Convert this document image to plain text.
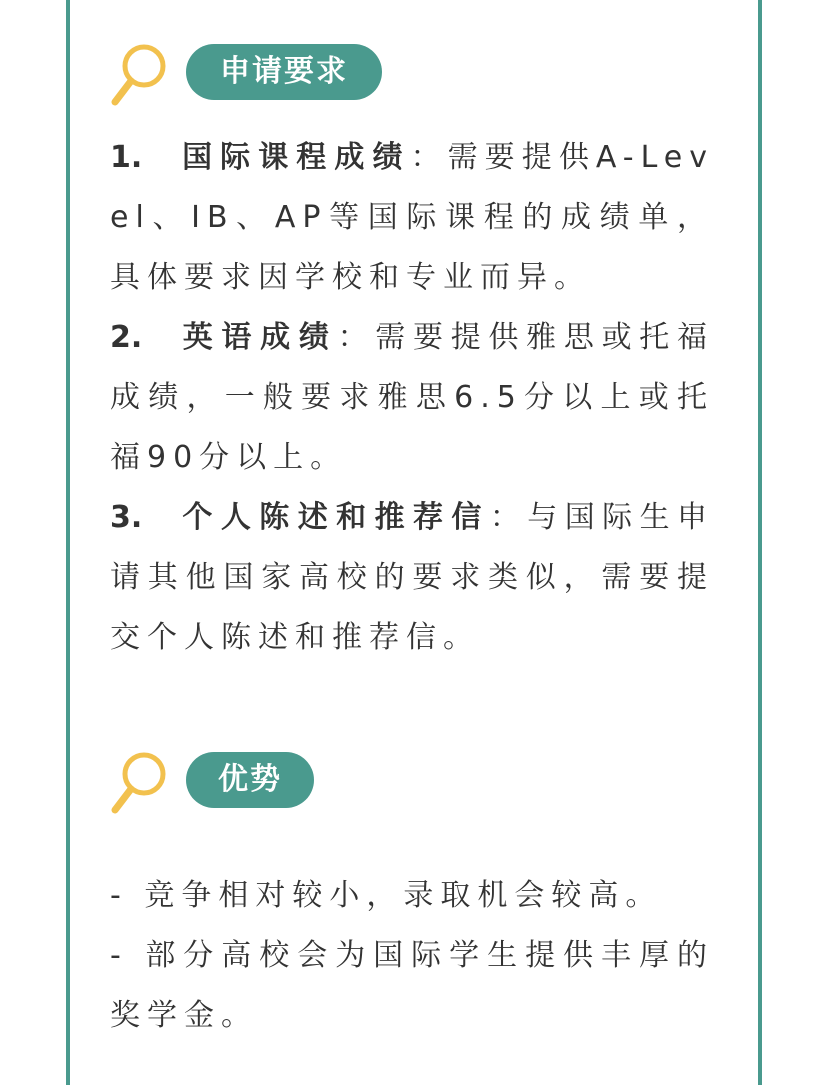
申请要求

1. 国际课程成绩：需要提供A-Level、IB、AP等国际课程的成绩单，具体要求因学校和专业而异。

2. 英语成绩：需要提供雅思或托福成绩，一般要求雅思6.5分以上或托福90分以上。

3. 个人陈述和推荐信：与国际生申请其他国家高校的要求类似，需要提交个人陈述和推荐信。

优势

- 竞争相对较小，录取机会较高。

- 部分高校会为国际学生提供丰厚的奖学金。
